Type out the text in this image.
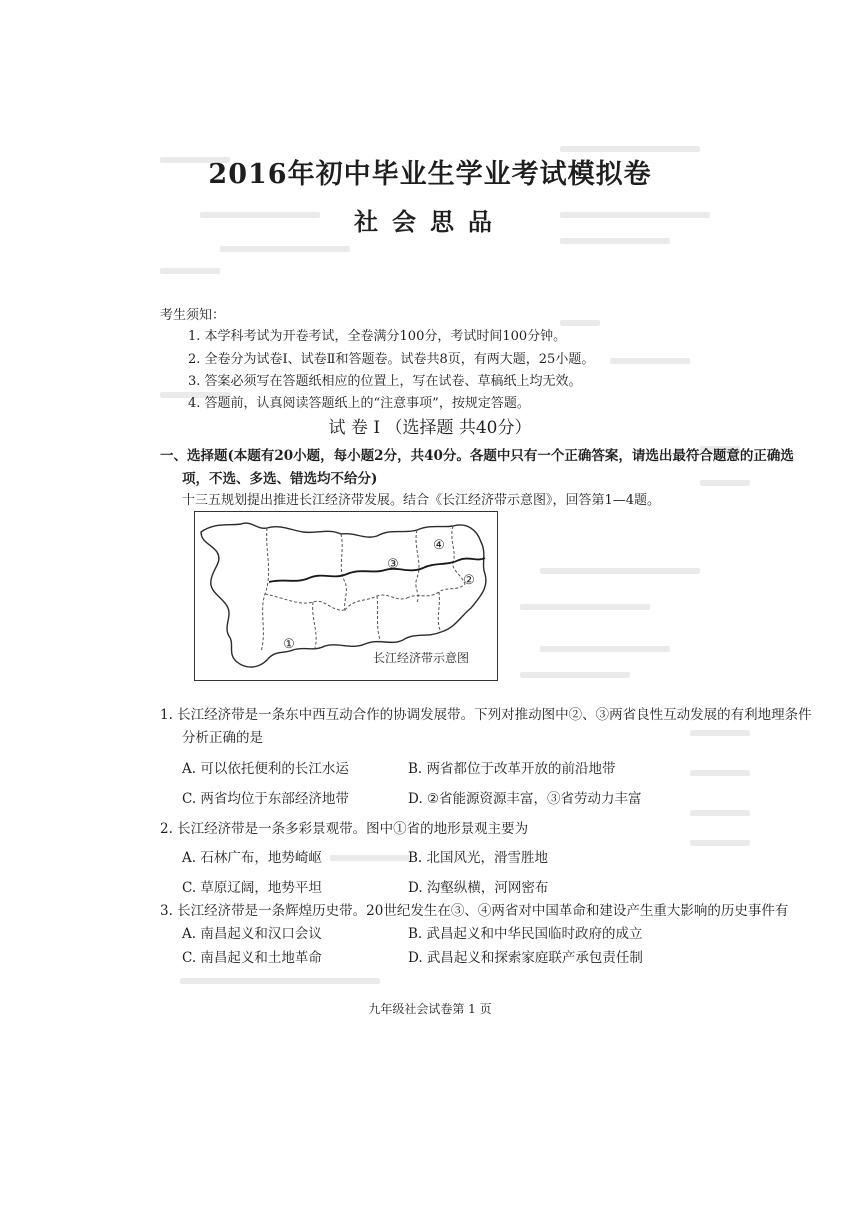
2016年初中毕业生学业考试模拟卷
社会思品
考生须知：
1. 本学科考试为开卷考试，全卷满分100分，考试时间100分钟。
2. 全卷分为试卷Ⅰ、试卷Ⅱ和答题卷。试卷共8页，有两大题，25小题。
3. 答案必须写在答题纸相应的位置上，写在试卷、草稿纸上均无效。
4. 答题前，认真阅读答题纸上的“注意事项”，按规定答题。
试 卷 Ⅰ （选择题 共40分）
一、选择题(本题有20小题，每小题2分，共40分。各题中只有一个正确答案，请选出最符合题意的正确选
项，不选、多选、错选均不给分)
十三五规划提出推进长江经济带发展。结合《长江经济带示意图》，回答第1—4题。
①
②
③
④
长江经济带示意图
1. 长江经济带是一条东中西互动合作的协调发展带。下列对推动图中②、③两省良性互动发展的有利地理条件
分析正确的是
A. 可以依托便利的长江水运	B. 两省都位于改革开放的前沿地带
C. 两省均位于东部经济地带	D. ②省能源资源丰富，③省劳动力丰富
2. 长江经济带是一条多彩景观带。图中①省的地形景观主要为
A. 石林广布，地势崎岖	B. 北国风光，滑雪胜地
C. 草原辽阔，地势平坦	D. 沟壑纵横，河网密布
3. 长江经济带是一条辉煌历史带。20世纪发生在③、④两省对中国革命和建设产生重大影响的历史事件有
A. 南昌起义和汉口会议	B. 武昌起义和中华民国临时政府的成立
C. 南昌起义和土地革命	D. 武昌起义和探索家庭联产承包责任制
九年级社会试卷第 1 页
